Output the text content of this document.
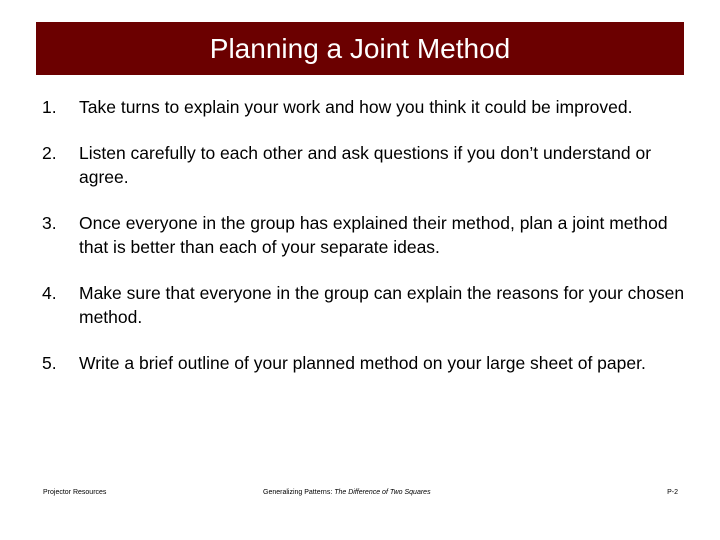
Planning a Joint Method
1.	Take turns to explain your work and how you think it could be improved.
2.	Listen carefully to each other and ask questions if you don’t understand or agree.
3.	Once everyone in the group has explained their method, plan a joint method that is better than each of your separate ideas.
4.	Make sure that everyone in the group can explain the reasons for your chosen method.
5.	Write a brief outline of your planned method on your large sheet of paper.
Projector Resources	Generalizing Patterns: The Difference of Two Squares	P-2
